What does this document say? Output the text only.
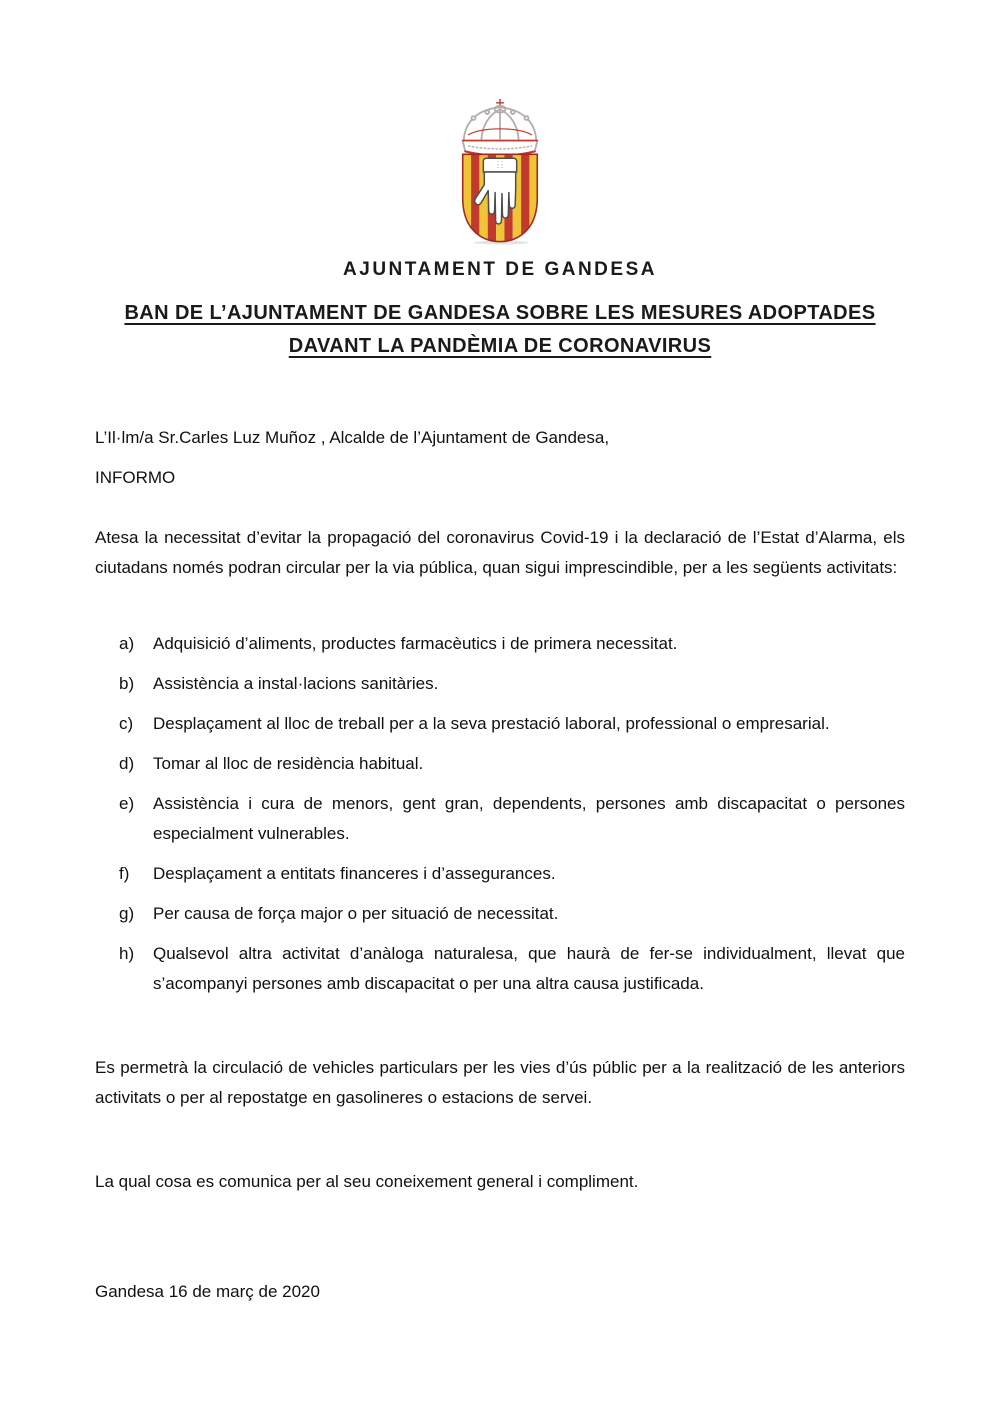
AJUNTAMENT DE GANDESA
BAN DE L’AJUNTAMENT DE GANDESA SOBRE LES MESURES ADOPTADES
DAVANT LA PANDÈMIA DE CORONAVIRUS
L’Il·lm/a Sr.Carles Luz Muñoz , Alcalde de l’Ajuntament de Gandesa,
INFORMO
Atesa la necessitat d’evitar la propagació del coronavirus Covid-19 i la declaració de l’Estat d’Alarma, els ciutadans només podran circular per la via pública, quan sigui imprescindible, per a les següents activitats:
a)	Adquisició d’aliments, productes farmacèutics i de primera necessitat.
b)	Assistència a instal·lacions sanitàries.
c)	Desplaçament al lloc de treball per a la seva prestació laboral, professional o empresarial.
d)	Tomar al lloc de residència habitual.
e)	Assistència i cura de menors, gent gran, dependents, persones amb discapacitat o persones especialment vulnerables.
f)	Desplaçament a entitats financeres i d’assegurances.
g)	Per causa de força major o per situació de necessitat.
h)	Qualsevol altra activitat d’anàloga naturalesa, que haurà de fer-se individualment, llevat que s’acompanyi persones amb discapacitat o per una altra causa justificada.
Es permetrà la circulació de vehicles particulars per les vies d’ús públic per a la realització de les anteriors activitats o per al repostatge en gasolineres o estacions de servei.
La qual cosa es comunica per al seu coneixement general i compliment.
Gandesa 16 de març de 2020
